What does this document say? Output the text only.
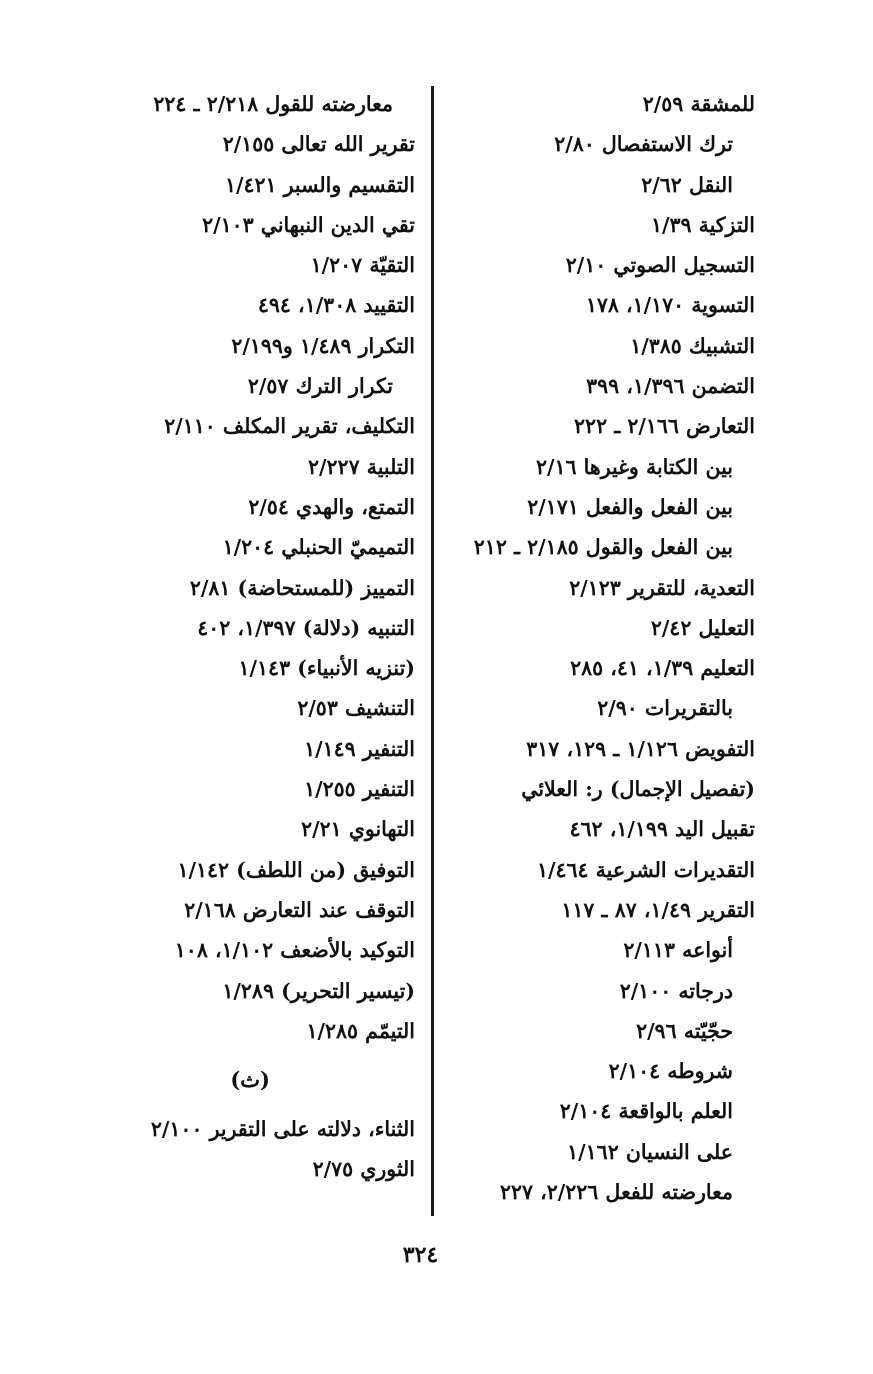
للمشقة ٢/٥٩
ترك الاستفصال ٢/٨٠
النقل ٢/٦٢
التزكية ١/٣٩
التسجيل الصوتي ٢/١٠
التسوية ١/١٧٠، ١٧٨
التشبيك ١/٣٨٥
التضمن ١/٣٩٦، ٣٩٩
التعارض ٢/١٦٦ ـ ٢٢٢
بين الكتابة وغيرها ٢/١٦
بين الفعل والفعل ٢/١٧١
بين الفعل والقول ٢/١٨٥ ـ ٢١٢
التعدية، للتقرير ٢/١٢٣
التعليل ٢/٤٢
التعليم ١/٣٩، ٤١، ٢٨٥
بالتقريرات ٢/٩٠
التفويض ١/١٢٦ ـ ١٢٩، ٣١٧
(تفصيل الإجمال) ر: العلائي
تقبيل اليد ١/١٩٩، ٤٦٢
التقديرات الشرعية ١/٤٦٤
التقرير ١/٤٩، ٨٧ ـ ١١٧
أنواعه ٢/١١٣
درجاته ٢/١٠٠
حجّيّته ٢/٩٦
شروطه ٢/١٠٤
العلم بالواقعة ٢/١٠٤
على النسيان ١/١٦٢
معارضته للفعل ٢/٢٢٦، ٢٢٧
معارضته للقول ٢/٢١٨ ـ ٢٢٤
تقرير الله تعالى ٢/١٥٥
التقسيم والسبر ١/٤٢١
تقي الدين النبهاني ٢/١٠٣
التقيّة ١/٢٠٧
التقييد ١/٣٠٨، ٤٩٤
التكرار ١/٤٨٩ و٢/١٩٩
تكرار الترك ٢/٥٧
التكليف، تقرير المكلف ٢/١١٠
التلبية ٢/٢٢٧
التمتع، والهدي ٢/٥٤
التميميّ الحنبلي ١/٢٠٤
التمييز (للمستحاضة) ٢/٨١
التنبيه (دلالة) ١/٣٩٧، ٤٠٢
(تنزيه الأنبياء) ١/١٤٣
التنشيف ٢/٥٣
التنفير ١/١٤٩
التنفير ١/٢٥٥
التهانوي ٢/٢١
التوفيق (من اللطف) ١/١٤٢
التوقف عند التعارض ٢/١٦٨
التوكيد بالأضعف ١/١٠٢، ١٠٨
(تيسير التحرير) ١/٢٨٩
التيمّم ١/٢٨٥
(ث)
الثناء، دلالته على التقرير ٢/١٠٠
الثوري ٢/٧٥
٣٢٤
